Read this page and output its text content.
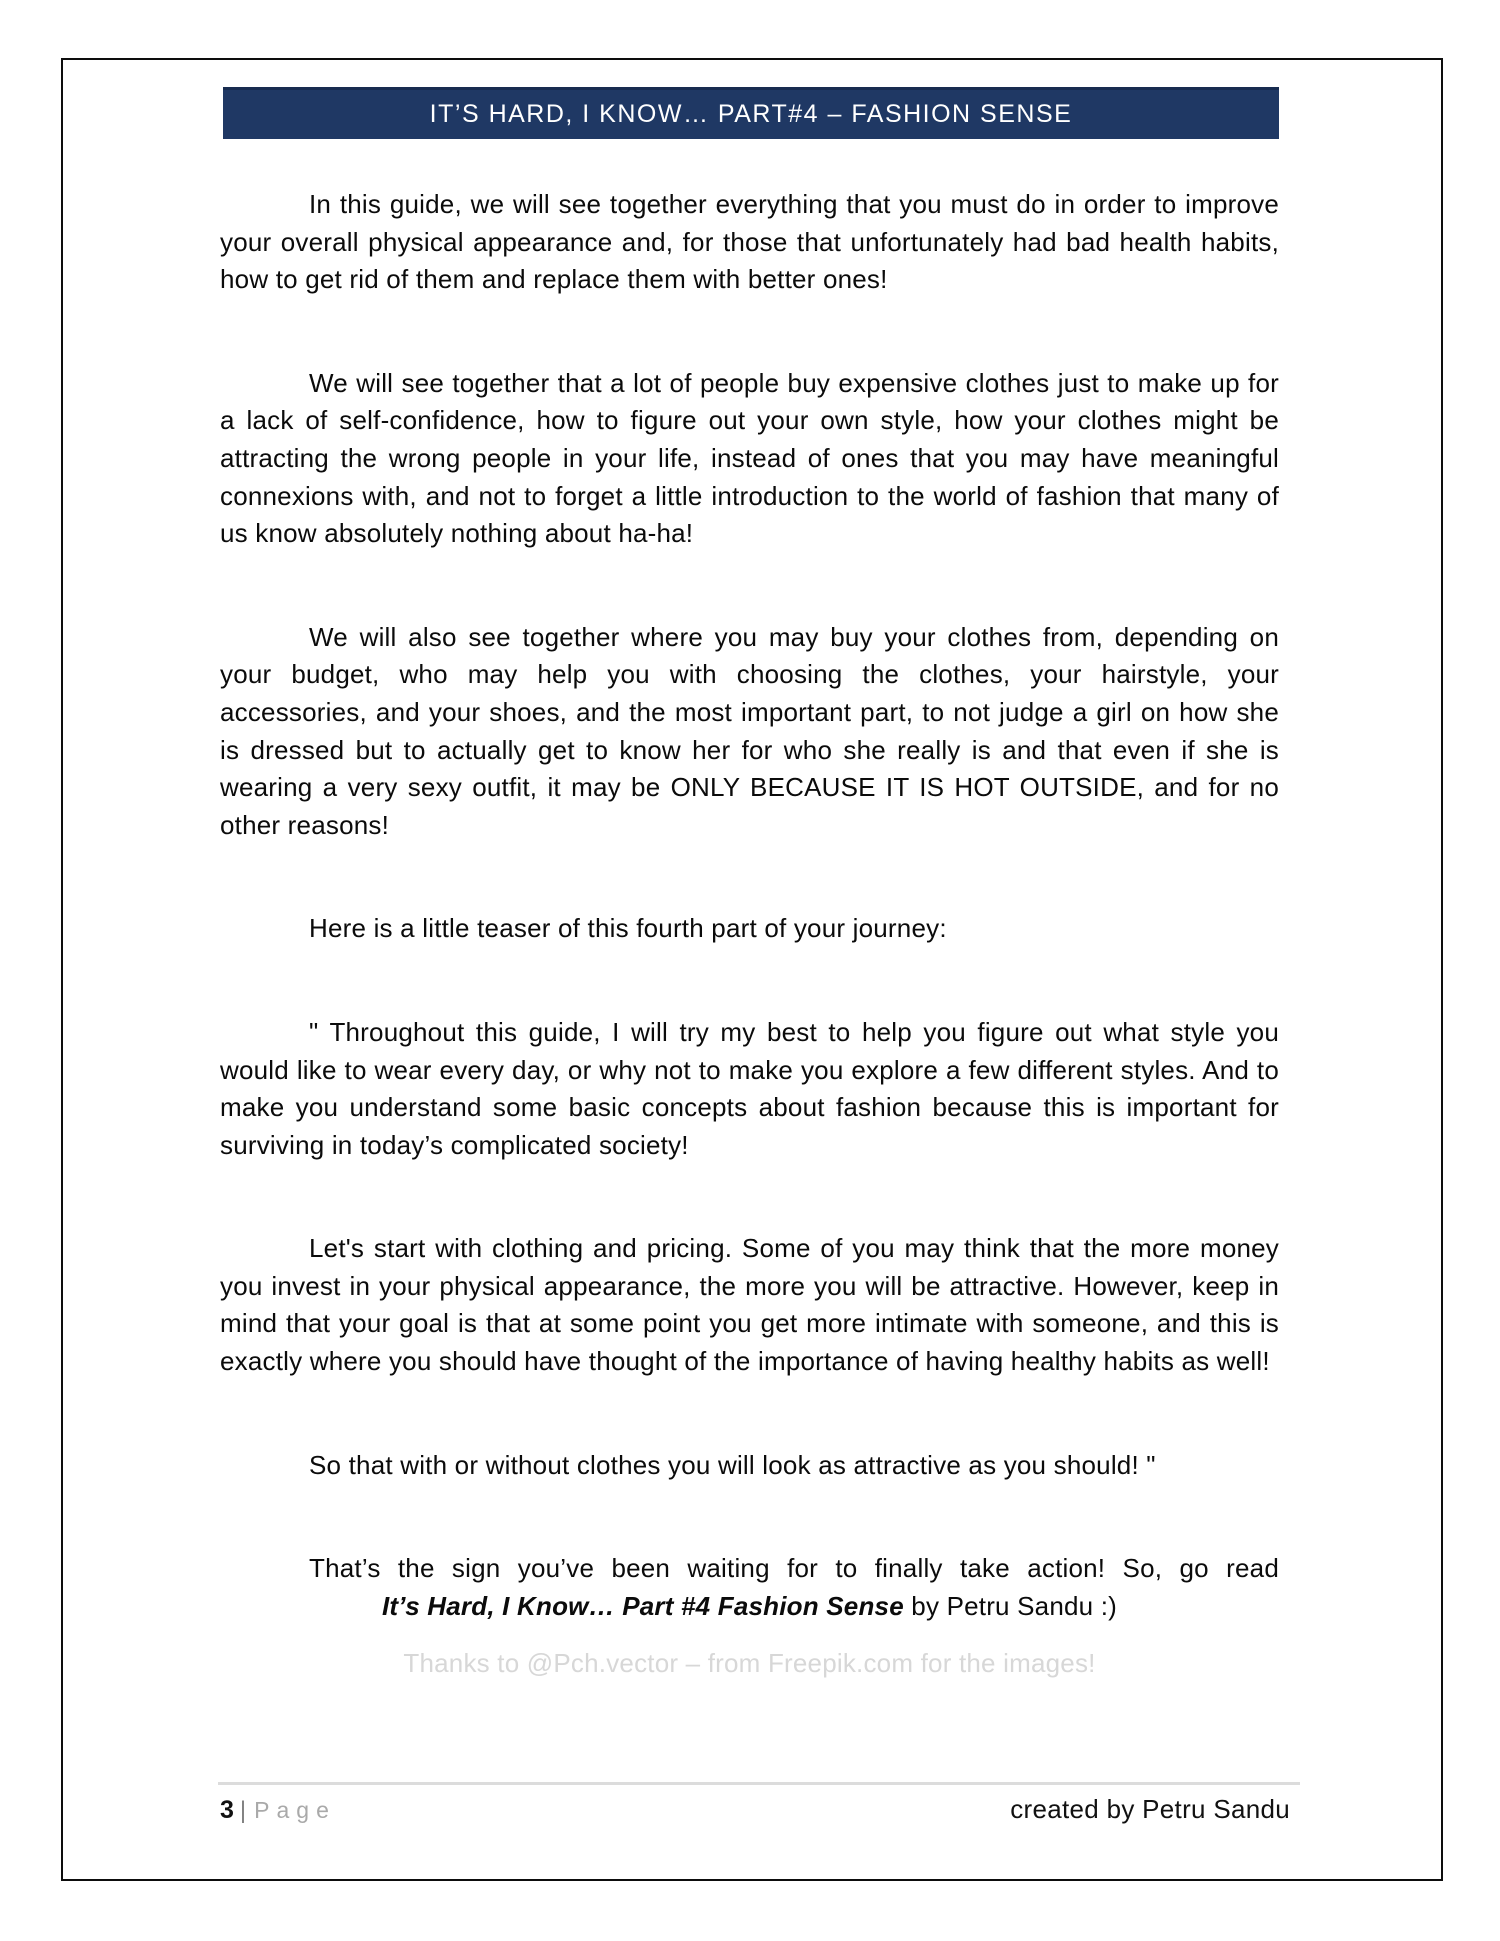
IT’S HARD, I KNOW… PART#4 – FASHION SENSE

In this guide, we will see together everything that you must do in order to improve your overall physical appearance and, for those that unfortunately had bad health habits, how to get rid of them and replace them with better ones!

We will see together that a lot of people buy expensive clothes just to make up for a lack of self-confidence, how to figure out your own style, how your clothes might be attracting the wrong people in your life, instead of ones that you may have meaningful connexions with, and not to forget a little introduction to the world of fashion that many of us know absolutely nothing about ha-ha!

We will also see together where you may buy your clothes from, depending on your budget, who may help you with choosing the clothes, your hairstyle, your accessories, and your shoes, and the most important part, to not judge a girl on how she is dressed but to actually get to know her for who she really is and that even if she is wearing a very sexy outfit, it may be ONLY BECAUSE IT IS HOT OUTSIDE, and for no other reasons!

Here is a little teaser of this fourth part of your journey:

" Throughout this guide, I will try my best to help you figure out what style you would like to wear every day, or why not to make you explore a few different styles. And to make you understand some basic concepts about fashion because this is important for surviving in today’s complicated society!

Let's start with clothing and pricing. Some of you may think that the more money you invest in your physical appearance, the more you will be attractive. However, keep in mind that your goal is that at some point you get more intimate with someone, and this is exactly where you should have thought of the importance of having healthy habits as well!

So that with or without clothes you will look as attractive as you should! "

That’s the sign you’ve been waiting for to finally take action! So, go read

It’s Hard, I Know… Part #4 Fashion Sense by Petru Sandu :)

Thanks to @Pch.vector – from Freepik.com for the images!

3 | Page	created by Petru Sandu
